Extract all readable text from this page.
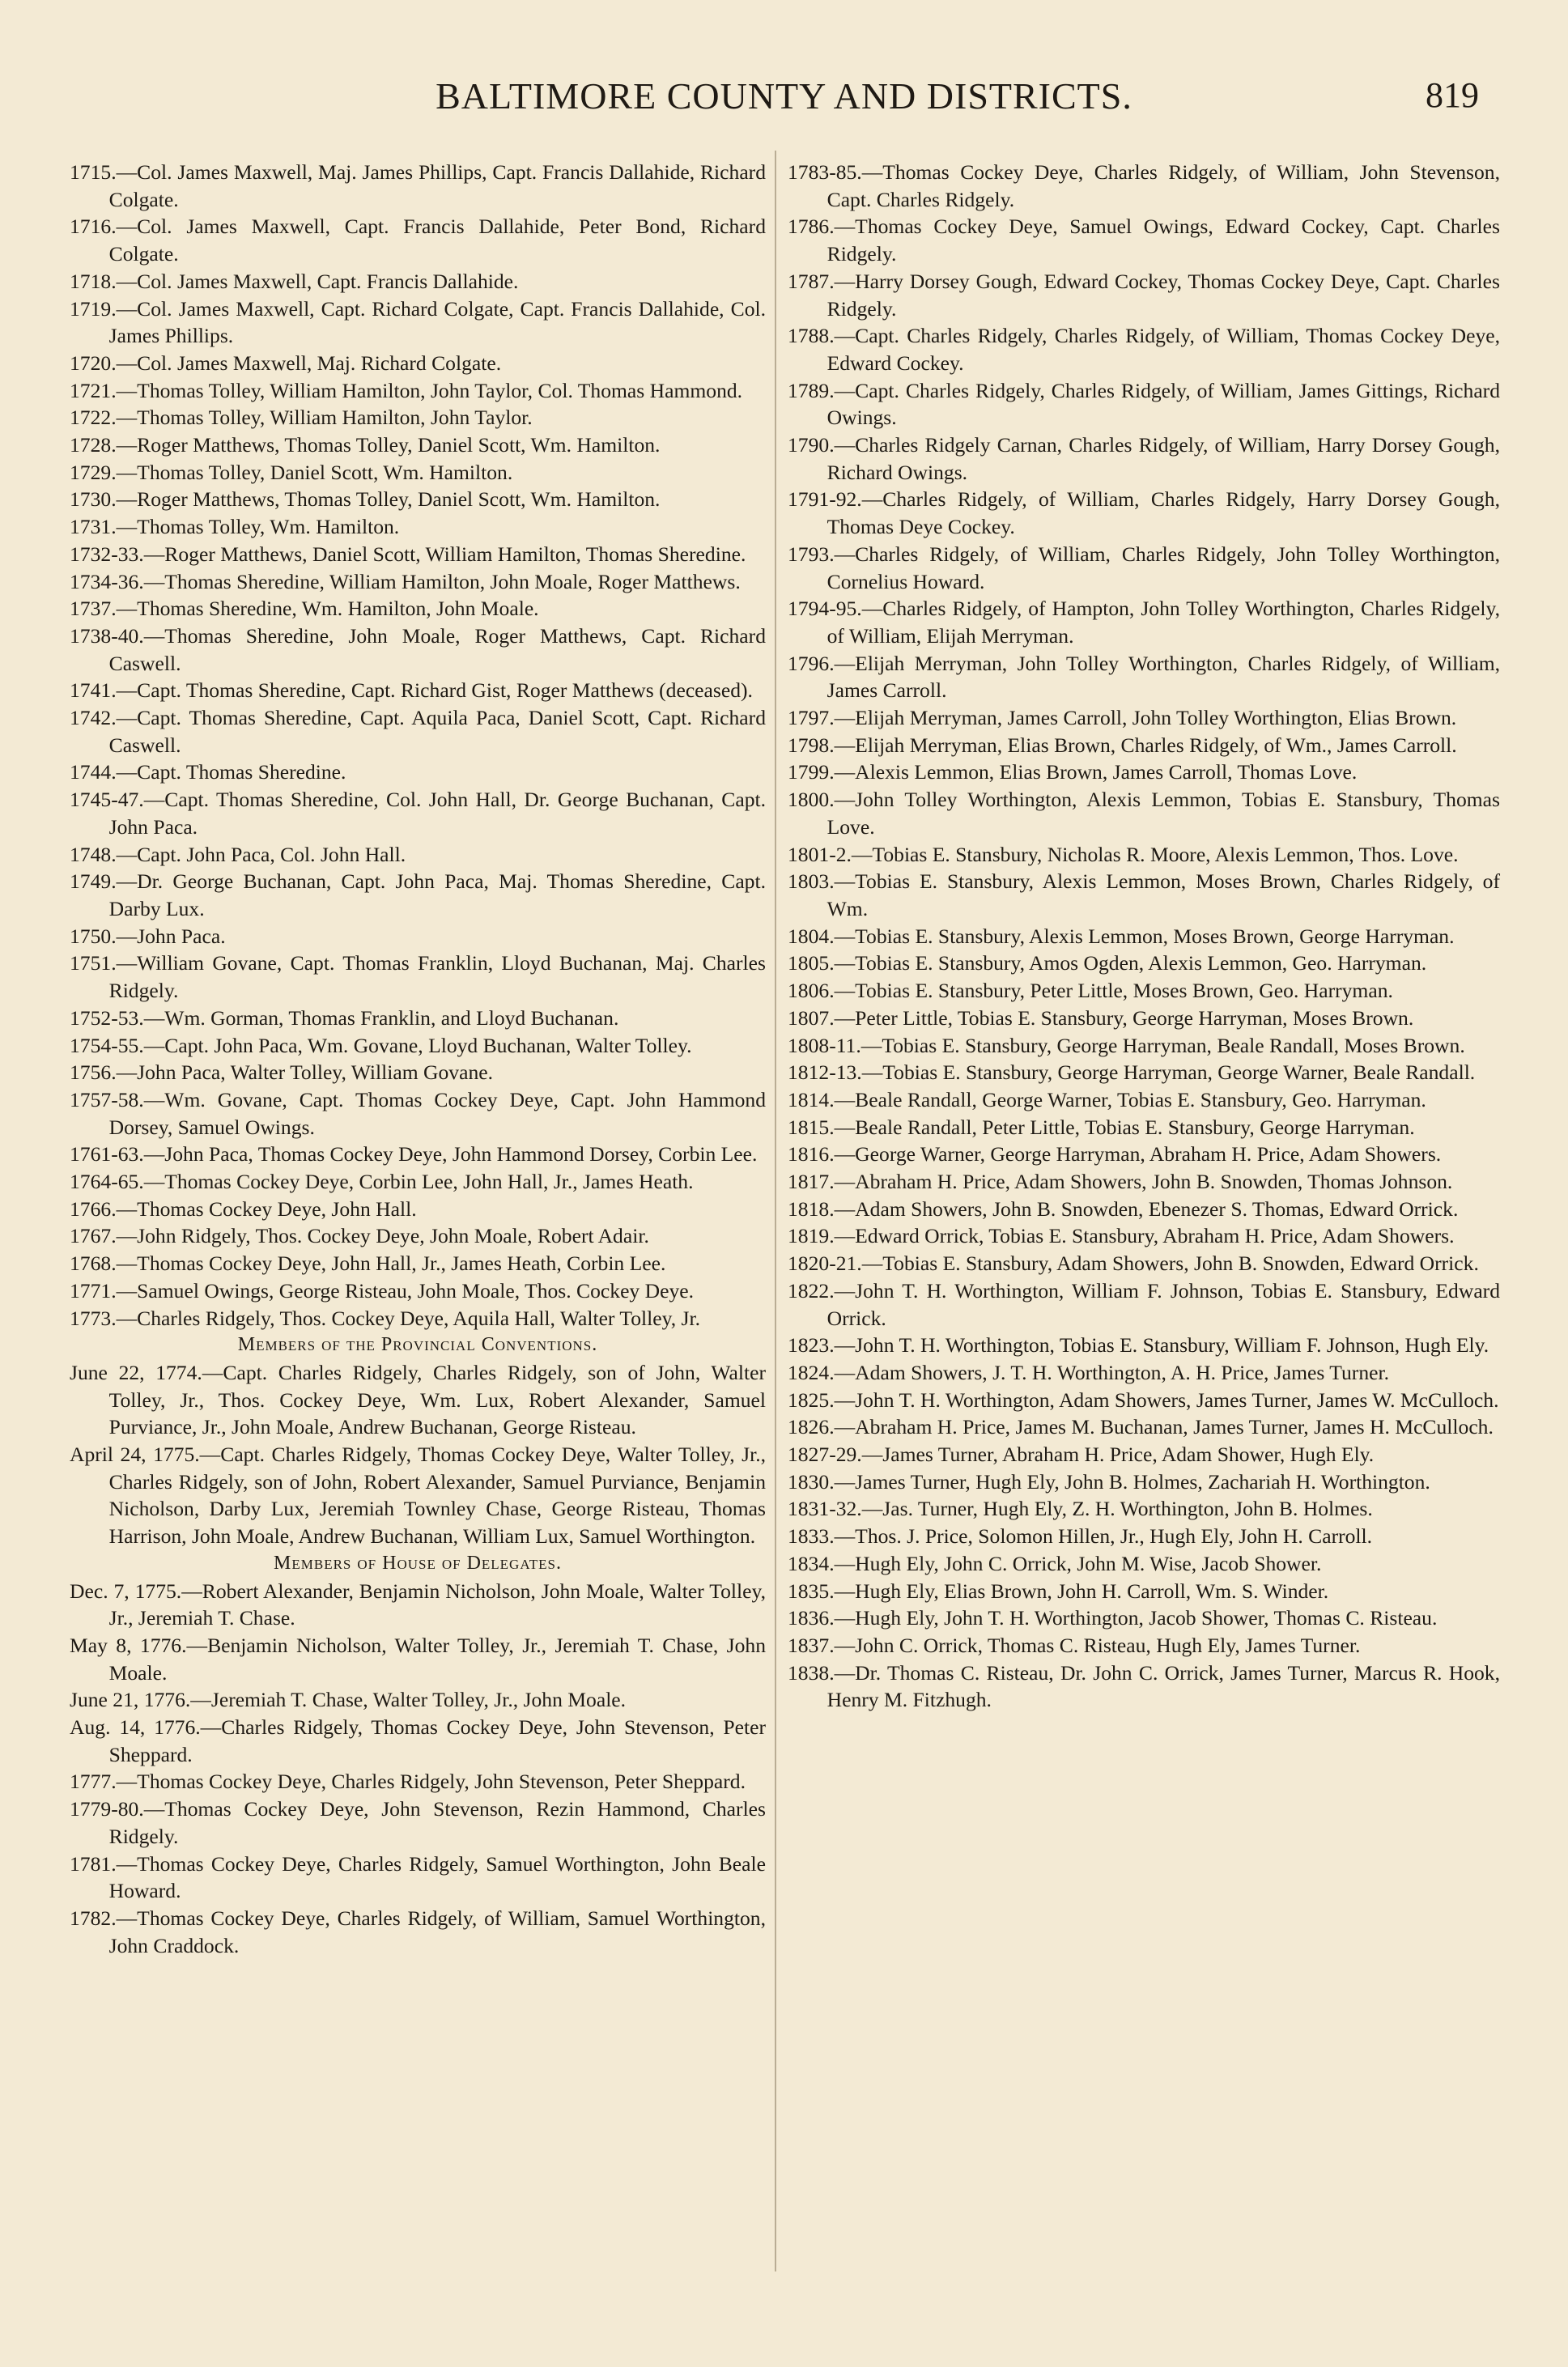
BALTIMORE COUNTY AND DISTRICTS.	819

1715.—Col. James Maxwell, Maj. James Phillips, Capt. Francis Dallahide, Richard Colgate.

1716.—Col. James Maxwell, Capt. Francis Dallahide, Peter Bond, Richard Colgate.

1718.—Col. James Maxwell, Capt. Francis Dallahide.

1719.—Col. James Maxwell, Capt. Richard Colgate, Capt. Francis Dallahide, Col. James Phillips.

1720.—Col. James Maxwell, Maj. Richard Colgate.

1721.—Thomas Tolley, William Hamilton, John Taylor, Col. Thomas Hammond.

1722.—Thomas Tolley, William Hamilton, John Taylor.

1728.—Roger Matthews, Thomas Tolley, Daniel Scott, Wm. Hamilton.

1729.—Thomas Tolley, Daniel Scott, Wm. Hamilton.

1730.—Roger Matthews, Thomas Tolley, Daniel Scott, Wm. Hamilton.

1731.—Thomas Tolley, Wm. Hamilton.

1732-33.—Roger Matthews, Daniel Scott, William Hamilton, Thomas Sheredine.

1734-36.—Thomas Sheredine, William Hamilton, John Moale, Roger Matthews.

1737.—Thomas Sheredine, Wm. Hamilton, John Moale.

1738-40.—Thomas Sheredine, John Moale, Roger Matthews, Capt. Richard Caswell.

1741.—Capt. Thomas Sheredine, Capt. Richard Gist, Roger Matthews (deceased).

1742.—Capt. Thomas Sheredine, Capt. Aquila Paca, Daniel Scott, Capt. Richard Caswell.

1744.—Capt. Thomas Sheredine.

1745-47.—Capt. Thomas Sheredine, Col. John Hall, Dr. George Buchanan, Capt. John Paca.

1748.—Capt. John Paca, Col. John Hall.

1749.—Dr. George Buchanan, Capt. John Paca, Maj. Thomas Sheredine, Capt. Darby Lux.

1750.—John Paca.

1751.—William Govane, Capt. Thomas Franklin, Lloyd Buchanan, Maj. Charles Ridgely.

1752-53.—Wm. Gorman, Thomas Franklin, and Lloyd Buchanan.

1754-55.—Capt. John Paca, Wm. Govane, Lloyd Buchanan, Walter Tolley.

1756.—John Paca, Walter Tolley, William Govane.

1757-58.—Wm. Govane, Capt. Thomas Cockey Deye, Capt. John Hammond Dorsey, Samuel Owings.

1761-63.—John Paca, Thomas Cockey Deye, John Hammond Dorsey, Corbin Lee.

1764-65.—Thomas Cockey Deye, Corbin Lee, John Hall, Jr., James Heath.

1766.—Thomas Cockey Deye, John Hall.

1767.—John Ridgely, Thos. Cockey Deye, John Moale, Robert Adair.

1768.—Thomas Cockey Deye, John Hall, Jr., James Heath, Corbin Lee.

1771.—Samuel Owings, George Risteau, John Moale, Thos. Cockey Deye.

1773.—Charles Ridgely, Thos. Cockey Deye, Aquila Hall, Walter Tolley, Jr.

Members of the Provincial Conventions.

June 22, 1774.—Capt. Charles Ridgely, Charles Ridgely, son of John, Walter Tolley, Jr., Thos. Cockey Deye, Wm. Lux, Robert Alexander, Samuel Purviance, Jr., John Moale, Andrew Buchanan, George Risteau.

April 24, 1775.—Capt. Charles Ridgely, Thomas Cockey Deye, Walter Tolley, Jr., Charles Ridgely, son of John, Robert Alexander, Samuel Purviance, Benjamin Nicholson, Darby Lux, Jeremiah Townley Chase, George Risteau, Thomas Harrison, John Moale, Andrew Buchanan, William Lux, Samuel Worthington.

Members of House of Delegates.

Dec. 7, 1775.—Robert Alexander, Benjamin Nicholson, John Moale, Walter Tolley, Jr., Jeremiah T. Chase.

May 8, 1776.—Benjamin Nicholson, Walter Tolley, Jr., Jeremiah T. Chase, John Moale.

June 21, 1776.—Jeremiah T. Chase, Walter Tolley, Jr., John Moale.

Aug. 14, 1776.—Charles Ridgely, Thomas Cockey Deye, John Stevenson, Peter Sheppard.

1777.—Thomas Cockey Deye, Charles Ridgely, John Stevenson, Peter Sheppard.

1779-80.—Thomas Cockey Deye, John Stevenson, Rezin Hammond, Charles Ridgely.

1781.—Thomas Cockey Deye, Charles Ridgely, Samuel Worthington, John Beale Howard.

1782.—Thomas Cockey Deye, Charles Ridgely, of William, Samuel Worthington, John Craddock.

1783-85.—Thomas Cockey Deye, Charles Ridgely, of William, John Stevenson, Capt. Charles Ridgely.

1786.—Thomas Cockey Deye, Samuel Owings, Edward Cockey, Capt. Charles Ridgely.

1787.—Harry Dorsey Gough, Edward Cockey, Thomas Cockey Deye, Capt. Charles Ridgely.

1788.—Capt. Charles Ridgely, Charles Ridgely, of William, Thomas Cockey Deye, Edward Cockey.

1789.—Capt. Charles Ridgely, Charles Ridgely, of William, James Gittings, Richard Owings.

1790.—Charles Ridgely Carnan, Charles Ridgely, of William, Harry Dorsey Gough, Richard Owings.

1791-92.—Charles Ridgely, of William, Charles Ridgely, Harry Dorsey Gough, Thomas Deye Cockey.

1793.—Charles Ridgely, of William, Charles Ridgely, John Tolley Worthington, Cornelius Howard.

1794-95.—Charles Ridgely, of Hampton, John Tolley Worthington, Charles Ridgely, of William, Elijah Merryman.

1796.—Elijah Merryman, John Tolley Worthington, Charles Ridgely, of William, James Carroll.

1797.—Elijah Merryman, James Carroll, John Tolley Worthington, Elias Brown.

1798.—Elijah Merryman, Elias Brown, Charles Ridgely, of Wm., James Carroll.

1799.—Alexis Lemmon, Elias Brown, James Carroll, Thomas Love.

1800.—John Tolley Worthington, Alexis Lemmon, Tobias E. Stansbury, Thomas Love.

1801-2.—Tobias E. Stansbury, Nicholas R. Moore, Alexis Lemmon, Thos. Love.

1803.—Tobias E. Stansbury, Alexis Lemmon, Moses Brown, Charles Ridgely, of Wm.

1804.—Tobias E. Stansbury, Alexis Lemmon, Moses Brown, George Harryman.

1805.—Tobias E. Stansbury, Amos Ogden, Alexis Lemmon, Geo. Harryman.

1806.—Tobias E. Stansbury, Peter Little, Moses Brown, Geo. Harryman.

1807.—Peter Little, Tobias E. Stansbury, George Harryman, Moses Brown.

1808-11.—Tobias E. Stansbury, George Harryman, Beale Randall, Moses Brown.

1812-13.—Tobias E. Stansbury, George Harryman, George Warner, Beale Randall.

1814.—Beale Randall, George Warner, Tobias E. Stansbury, Geo. Harryman.

1815.—Beale Randall, Peter Little, Tobias E. Stansbury, George Harryman.

1816.—George Warner, George Harryman, Abraham H. Price, Adam Showers.

1817.—Abraham H. Price, Adam Showers, John B. Snowden, Thomas Johnson.

1818.—Adam Showers, John B. Snowden, Ebenezer S. Thomas, Edward Orrick.

1819.—Edward Orrick, Tobias E. Stansbury, Abraham H. Price, Adam Showers.

1820-21.—Tobias E. Stansbury, Adam Showers, John B. Snowden, Edward Orrick.

1822.—John T. H. Worthington, William F. Johnson, Tobias E. Stansbury, Edward Orrick.

1823.—John T. H. Worthington, Tobias E. Stansbury, William F. Johnson, Hugh Ely.

1824.—Adam Showers, J. T. H. Worthington, A. H. Price, James Turner.

1825.—John T. H. Worthington, Adam Showers, James Turner, James W. McCulloch.

1826.—Abraham H. Price, James M. Buchanan, James Turner, James H. McCulloch.

1827-29.—James Turner, Abraham H. Price, Adam Shower, Hugh Ely.

1830.—James Turner, Hugh Ely, John B. Holmes, Zachariah H. Worthington.

1831-32.—Jas. Turner, Hugh Ely, Z. H. Worthington, John B. Holmes.

1833.—Thos. J. Price, Solomon Hillen, Jr., Hugh Ely, John H. Carroll.

1834.—Hugh Ely, John C. Orrick, John M. Wise, Jacob Shower.

1835.—Hugh Ely, Elias Brown, John H. Carroll, Wm. S. Winder.

1836.—Hugh Ely, John T. H. Worthington, Jacob Shower, Thomas C. Risteau.

1837.—John C. Orrick, Thomas C. Risteau, Hugh Ely, James Turner.

1838.—Dr. Thomas C. Risteau, Dr. John C. Orrick, James Turner, Marcus R. Hook, Henry M. Fitzhugh.
